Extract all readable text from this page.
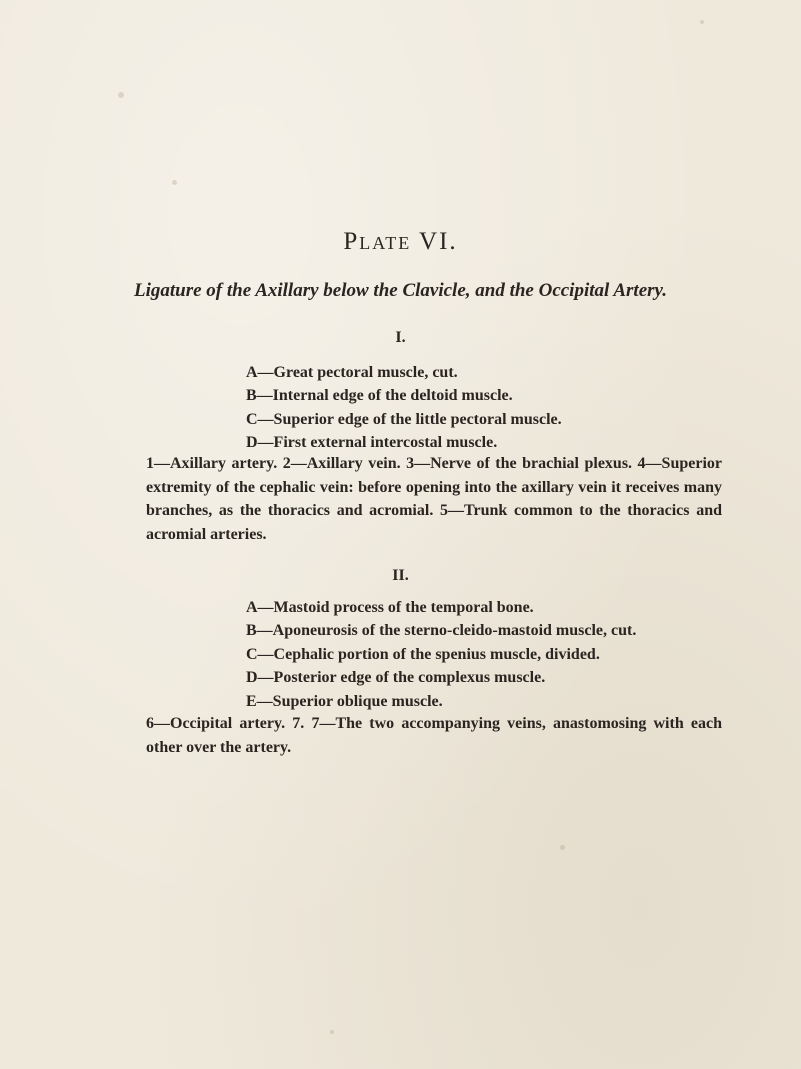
Plate VI.
Ligature of the Axillary below the Clavicle, and the Occipital Artery.
I.
A—Great pectoral muscle, cut.
B—Internal edge of the deltoid muscle.
C—Superior edge of the little pectoral muscle.
D—First external intercostal muscle.

1—Axillary artery. 2—Axillary vein. 3—Nerve of the brachial plexus. 4—Superior extremity of the cephalic vein: before opening into the axillary vein it receives many branches, as the thoracics and acromial. 5—Trunk common to the thoracics and acromial arteries.

II.
A—Mastoid process of the temporal bone.
B—Aponeurosis of the sterno-cleido-mastoid muscle, cut.
C—Cephalic portion of the spenius muscle, divided.
D—Posterior edge of the complexus muscle.
E—Superior oblique muscle.

6—Occipital artery. 7. 7—The two accompanying veins, anastomosing with each other over the artery.
